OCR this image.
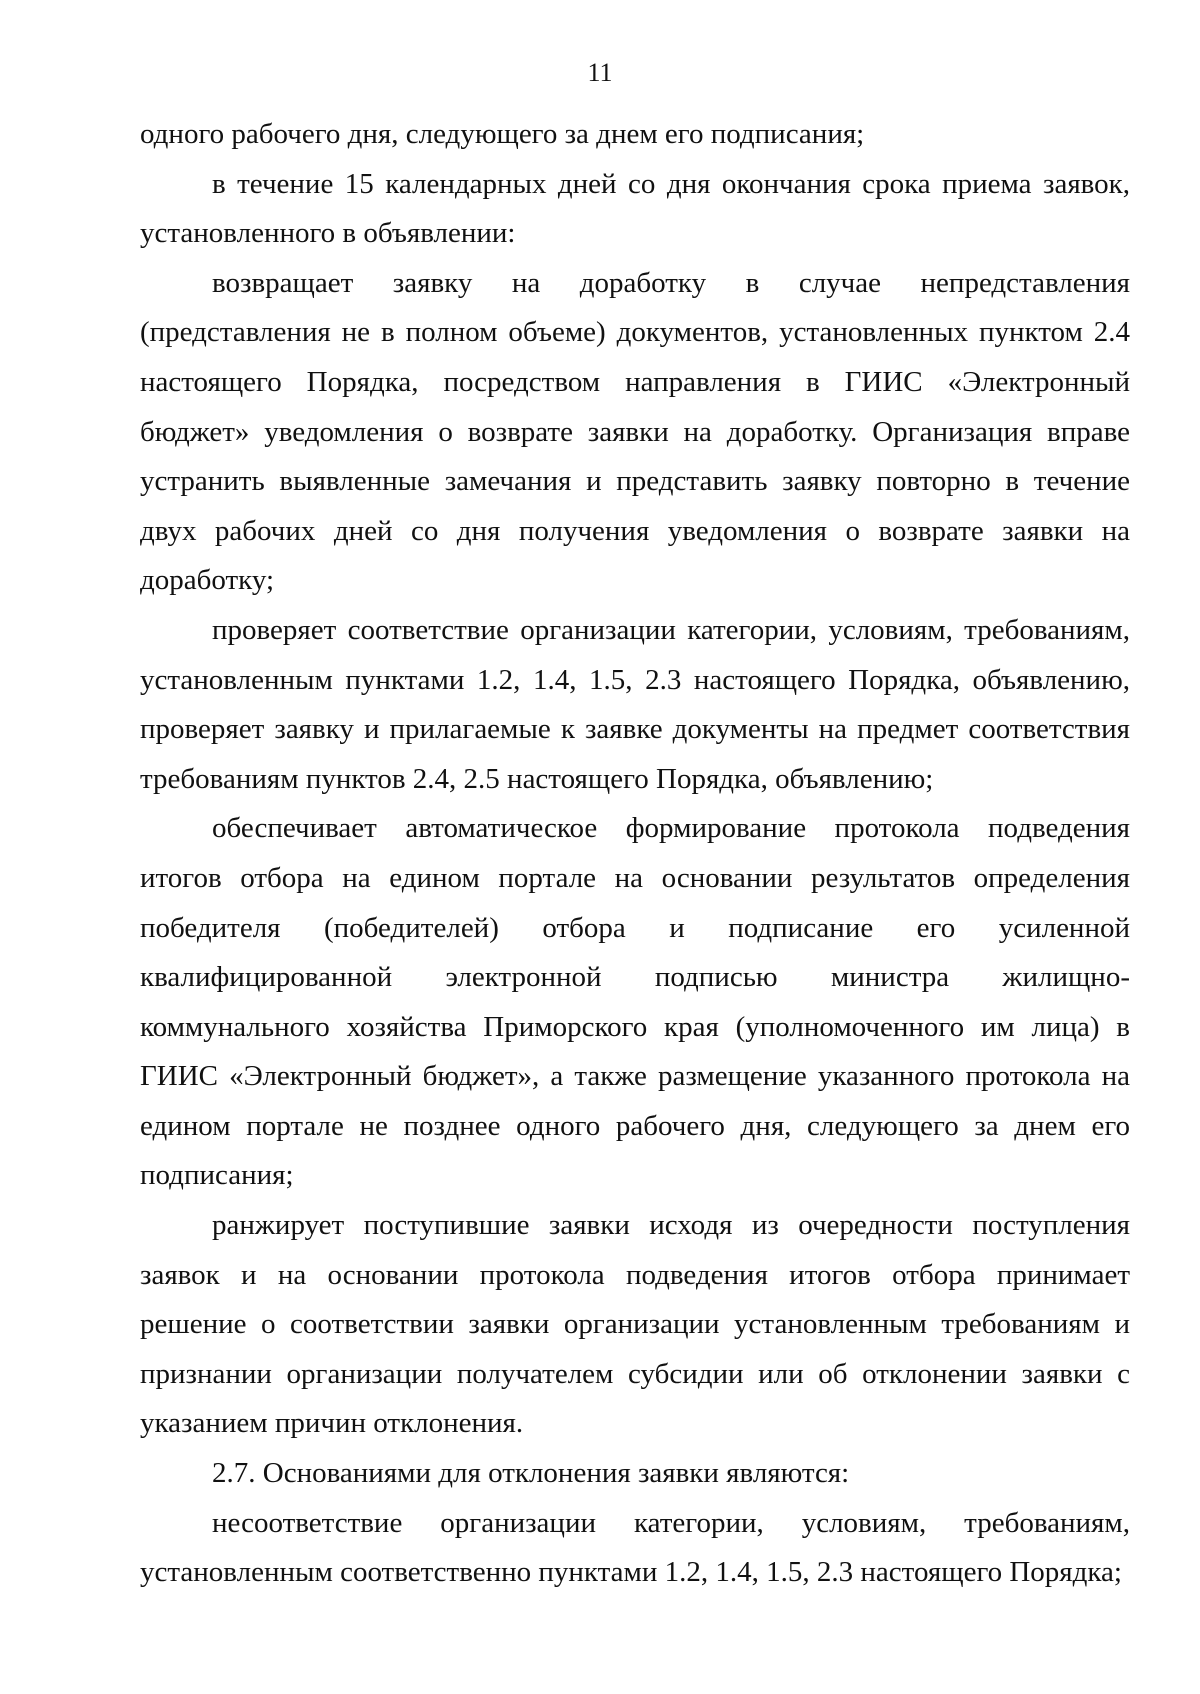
11

одного рабочего дня, следующего за днем его подписания;

в течение 15 календарных дней со дня окончания срока приема заявок, установленного в объявлении:

возвращает заявку на доработку в случае непредставления (представления не в полном объеме) документов, установленных пунктом 2.4 настоящего Порядка, посредством направления в ГИИС «Электронный бюджет» уведомления о возврате заявки на доработку. Организация вправе устранить выявленные замечания и представить заявку повторно в течение двух рабочих дней со дня получения уведомления о возврате заявки на доработку;

проверяет соответствие организации категории, условиям, требованиям, установленным пунктами 1.2, 1.4, 1.5, 2.3 настоящего Порядка, объявлению, проверяет заявку и прилагаемые к заявке документы на предмет соответствия требованиям пунктов 2.4, 2.5 настоящего Порядка, объявлению;

обеспечивает автоматическое формирование протокола подведения итогов отбора на едином портале на основании результатов определения победителя (победителей) отбора и подписание его усиленной квалифицированной электронной подписью министра жилищно-коммунального хозяйства Приморского края (уполномоченного им лица) в ГИИС «Электронный бюджет», а также размещение указанного протокола на едином портале не позднее одного рабочего дня, следующего за днем его подписания;

ранжирует поступившие заявки исходя из очередности поступления заявок и на основании протокола подведения итогов отбора принимает решение о соответствии заявки организации установленным требованиям и признании организации получателем субсидии или об отклонении заявки с указанием причин отклонения.

2.7. Основаниями для отклонения заявки являются:

несоответствие организации категории, условиям, требованиям, установленным соответственно пунктами 1.2, 1.4, 1.5, 2.3 настоящего Порядка;
